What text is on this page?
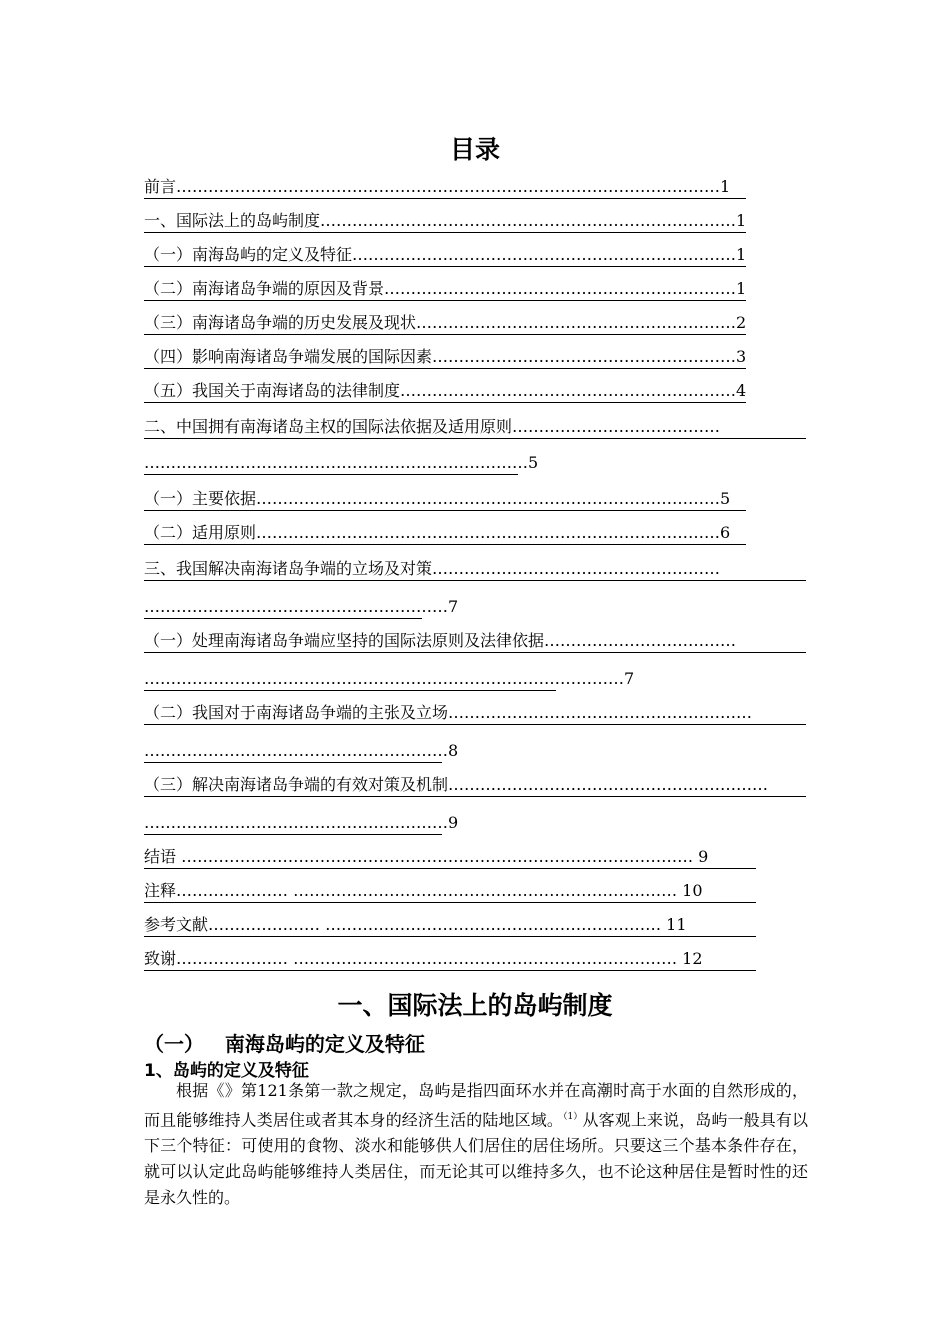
目录
前言…………………………………………………………………………………………1
一、国际法上的岛屿制度……………………………………………………………………1
（一）南海岛屿的定义及特征………………………………………………………………1
（二）南海诸岛争端的原因及背景…………………………………………………………1
（三）南海诸岛争端的历史发展及现状……………………………………………………2
（四）影响南海诸岛争端发展的国际因素…………………………………………………3
（五）我国关于南海诸岛的法律制度………………………………………………………4
二、中国拥有南海诸岛主权的国际法依据及适用原则…………………………………
………………………………………………………………5
（一）主要依据……………………………………………………………………………5
（二）适用原则……………………………………………………………………………6
三、我国解决南海诸岛争端的立场及对策………………………………………………
…………………………………………………7
（一）处理南海诸岛争端应坚持的国际法原则及法律依据………………………………
………………………………………………………………………………7
（二）我国对于南海诸岛争端的主张及立场…………………………………………………
…………………………………………………8
（三）解决南海诸岛争端的有效对策及机制……………………………………………………
…………………………………………………9
结语 …………………………………………………………………………………… 9
注释………………… ……………………………………………………………… 10
参考文献………………… ……………………………………………………… 11
致谢………………… ……………………………………………………………… 12
一、国际法上的岛屿制度
（一）   南海岛屿的定义及特征
1、岛屿的定义及特征
根据《》第121条第一款之规定，岛屿是指四面环水并在高潮时高于水面的自然形成的，而且能够维持人类居住或者其本身的经济生活的陆地区域。$^{(1)}$从客观上来说，岛屿一般具有以下三个特征：可使用的食物、淡水和能够供人们居住的居住场所。只要这三个基本条件存在，就可以认定此岛屿能够维持人类居住，而无论其可以维持多久，也不论这种居住是暂时性的还是永久性的。
